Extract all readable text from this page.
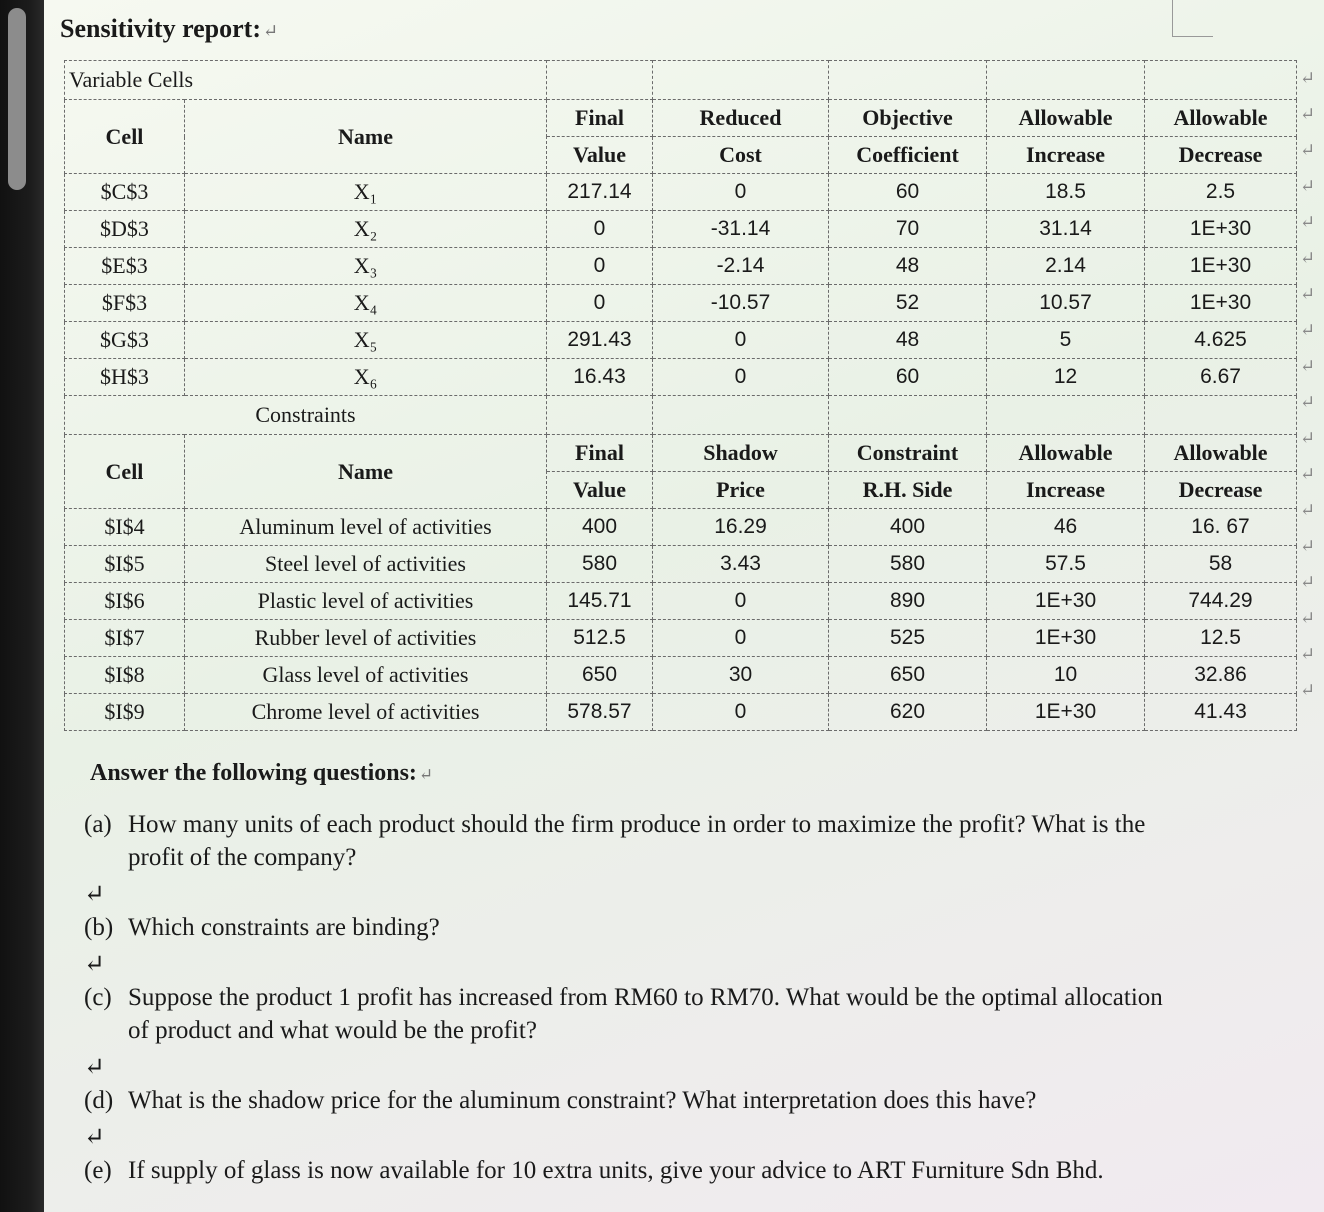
Sensitivity report: ↵
Variable Cells						
Cell	Name	Final	Reduced	Objective	Allowable	Allowable
		Value	Cost	Coefficient	Increase	Decrease
$C$3	X₁	217.14	0	60	18.5	2.5
$D$3	X₂	0	-31.14	70	31.14	1E+30
$E$3	X₃	0	-2.14	48	2.14	1E+30
$F$3	X₄	0	-10.57	52	10.57	1E+30
$G$3	X₅	291.43	0	48	5	4.625
$H$3	X₆	16.43	0	60	12	6.67
Constraints						
Cell	Name	Final	Shadow	Constraint	Allowable	Allowable
		Value	Price	R.H. Side	Increase	Decrease
$I$4	Aluminum level of activities	400	16.29	400	46	16. 67
$I$5	Steel level of activities	580	3.43	580	57.5	58
$I$6	Plastic level of activities	145.71	0	890	1E+30	744.29
$I$7	Rubber level of activities	512.5	0	525	1E+30	12.5
$I$8	Glass level of activities	650	30	650	10	32.86
$I$9	Chrome level of activities	578.57	0	620	1E+30	41.43
↵
↵
↵
↵
↵
↵
↵
↵
↵
↵
↵
↵
↵
↵
↵
↵
↵
↵
Answer the following questions: ↵
(a) How many units of each product should the firm produce in order to maximize the profit? What is the profit of the company?
↵
(b) Which constraints are binding?
↵
(c) Suppose the product 1 profit has increased from RM60 to RM70. What would be the optimal allocation of product and what would be the profit?
↵
(d) What is the shadow price for the aluminum constraint? What interpretation does this have?
↵
(e) If supply of glass is now available for 10 extra units, give your advice to ART Furniture Sdn Bhd.
